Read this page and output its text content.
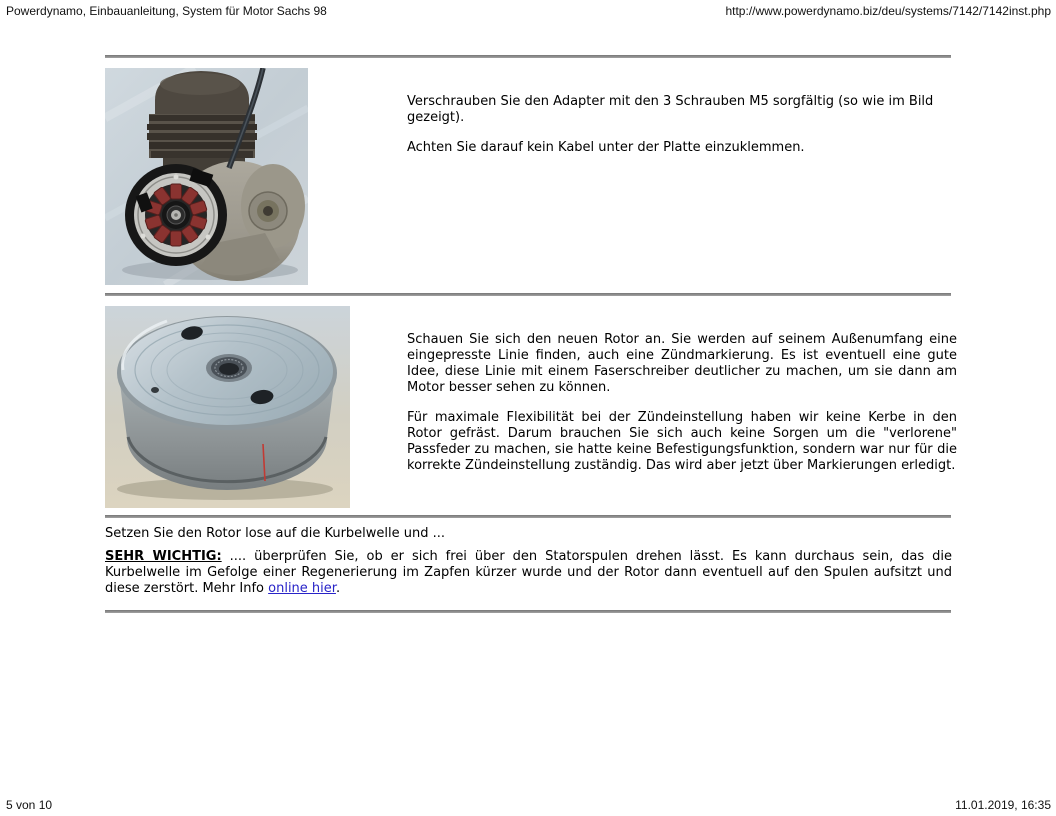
Powerdynamo, Einbauanleitung, System für Motor Sachs 98	http://www.powerdynamo.biz/deu/systems/7142/7142inst.php

Verschrauben Sie den Adapter mit den 3 Schrauben M5 sorgfältig (so wie im Bild gezeigt).

Achten Sie darauf kein Kabel unter der Platte einzuklemmen.

Schauen Sie sich den neuen Rotor an. Sie werden auf seinem Außenumfang eine eingepresste Linie finden, auch eine Zündmarkierung. Es ist eventuell eine gute Idee, diese Linie mit einem Faserschreiber deutlicher zu machen, um sie dann am Motor besser sehen zu können.

Für maximale Flexibilität bei der Zündeinstellung haben wir keine Kerbe in den Rotor gefräst. Darum brauchen Sie sich auch keine Sorgen um die "verlorene" Passfeder zu machen, sie hatte keine Befestigungsfunktion, sondern war nur für die korrekte Zündeinstellung zuständig. Das wird aber jetzt über Markierungen erledigt.

Setzen Sie den Rotor lose auf die Kurbelwelle und ...

SEHR WICHTIG: .... überprüfen Sie, ob er sich frei über den Statorspulen drehen lässt. Es kann durchaus sein, das die Kurbelwelle im Gefolge einer Regenerierung im Zapfen kürzer wurde und der Rotor dann eventuell auf den Spulen aufsitzt und diese zerstört. Mehr Info online hier.

5 von 10	11.01.2019, 16:35
